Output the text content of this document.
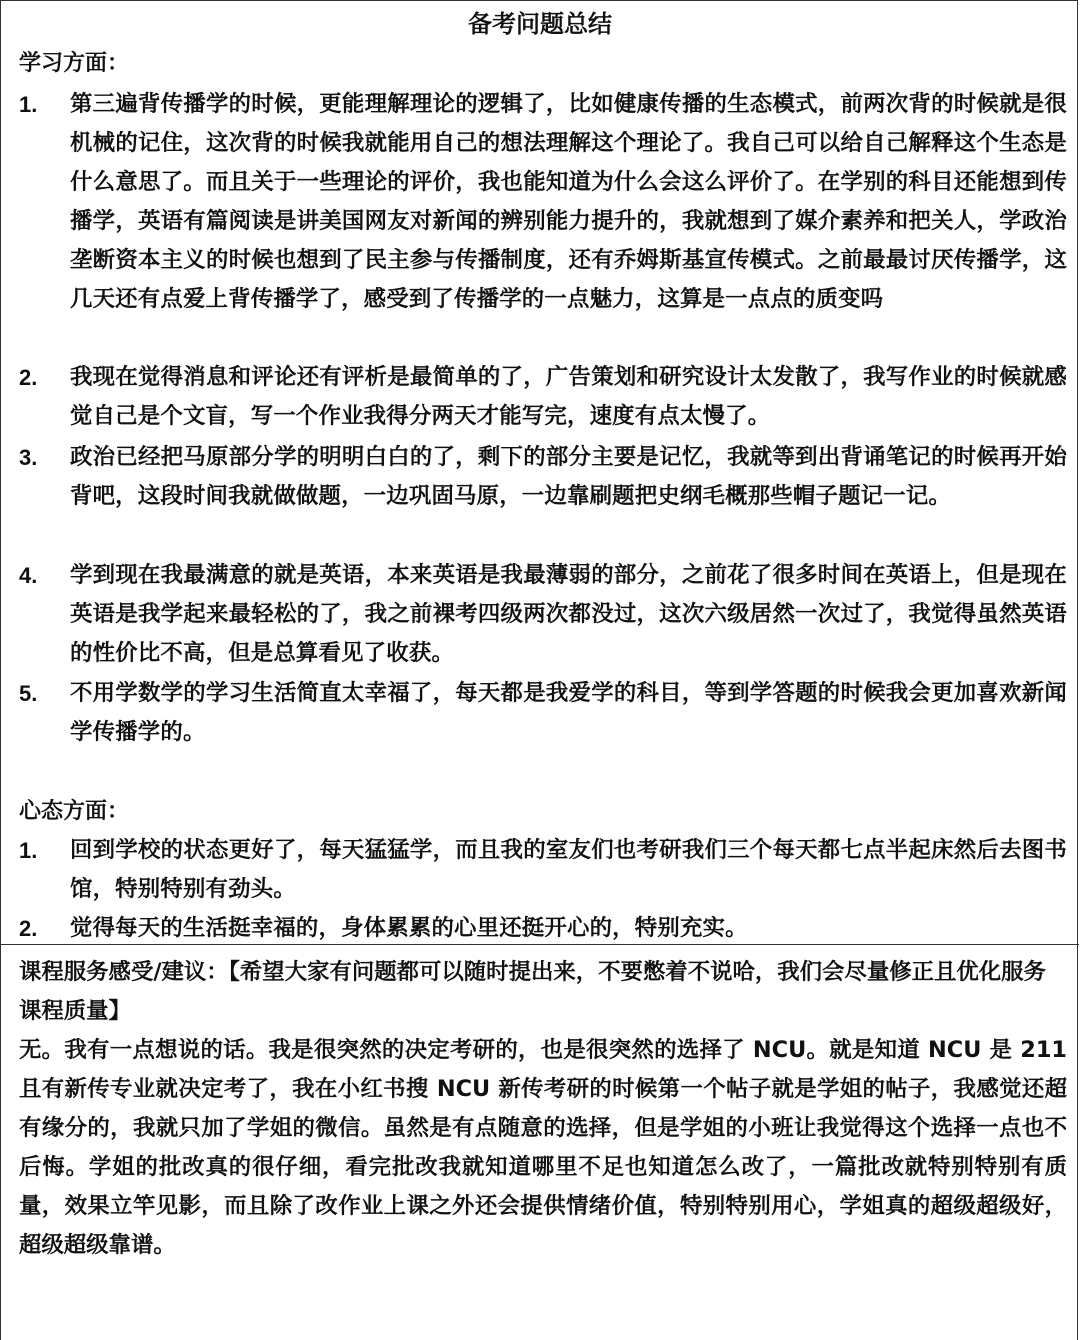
备考问题总结
学习方面：
1.	第三遍背传播学的时候，更能理解理论的逻辑了，比如健康传播的生态模式，前两次背的时候就是很机械的记住，这次背的时候我就能用自己的想法理解这个理论了。我自己可以给自己解释这个生态是什么意思了。而且关于一些理论的评价，我也能知道为什么会这么评价了。在学别的科目还能想到传播学，英语有篇阅读是讲美国网友对新闻的辨别能力提升的，我就想到了媒介素养和把关人，学政治垄断资本主义的时候也想到了民主参与传播制度，还有乔姆斯基宣传模式。之前最最讨厌传播学，这几天还有点爱上背传播学了，感受到了传播学的一点魅力，这算是一点点的质变吗
2.	我现在觉得消息和评论还有评析是最简单的了，广告策划和研究设计太发散了，我写作业的时候就感觉自己是个文盲，写一个作业我得分两天才能写完，速度有点太慢了。
3.	政治已经把马原部分学的明明白白的了，剩下的部分主要是记忆，我就等到出背诵笔记的时候再开始背吧，这段时间我就做做题，一边巩固马原，一边靠刷题把史纲毛概那些帽子题记一记。
4.	学到现在我最满意的就是英语，本来英语是我最薄弱的部分，之前花了很多时间在英语上，但是现在英语是我学起来最轻松的了，我之前裸考四级两次都没过，这次六级居然一次过了，我觉得虽然英语的性价比不高，但是总算看见了收获。
5.	不用学数学的学习生活简直太幸福了，每天都是我爱学的科目，等到学答题的时候我会更加喜欢新闻学传播学的。
心态方面：
1.	回到学校的状态更好了，每天猛猛学，而且我的室友们也考研我们三个每天都七点半起床然后去图书馆，特别特别有劲头。
2.	觉得每天的生活挺幸福的，身体累累的心里还挺开心的，特别充实。
课程服务感受/建议：【希望大家有问题都可以随时提出来，不要憋着不说哈，我们会尽量修正且优化服务课程质量】
无。我有一点想说的话。我是很突然的决定考研的，也是很突然的选择了 NCU。就是知道 NCU 是 211 且有新传专业就决定考了，我在小红书搜 NCU 新传考研的时候第一个帖子就是学姐的帖子，我感觉还超有缘分的，我就只加了学姐的微信。虽然是有点随意的选择，但是学姐的小班让我觉得这个选择一点也不后悔。学姐的批改真的很仔细，看完批改我就知道哪里不足也知道怎么改了，一篇批改就特别特别有质量，效果立竿见影，而且除了改作业上课之外还会提供情绪价值，特别特别用心，学姐真的超级超级好，超级超级靠谱。
